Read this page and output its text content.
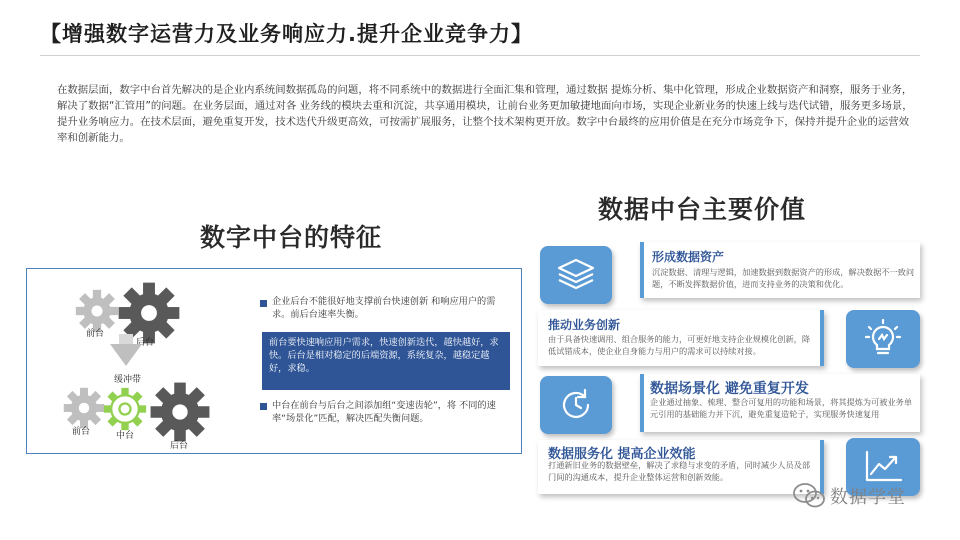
【增强数字运营力及业务响应力.提升企业竞争力】

在数据层面，数字中台首先解决的是企业内系统间数据孤岛的问题，将不同系统中的数据进行全面汇集和管理，通过数据 提炼分析、集中化管理，形成企业数据资产和洞察，服务于业务，解决了数据“汇管用”的问题。在业务层面，通过对各 业务线的模块去重和沉淀，共享通用模块，让前台业务更加敏捷地面向市场，实现企业新业务的快速上线与迭代试错，服务更多场景，提升业务响应力。在技术层面，避免重复开发，技术迭代升级更高效，可按需扩展服务，让整个技术架构更开放。数字中台最终的应用价值是在充分市场竞争下，保持并提升企业的运营效率和创新能力。

数字中台的特征
数据中台主要价值
前台
后台
缓冲带
前台	中台
后台
企业后台不能很好地支撑前台快速创新 和响应用户的需求。前后台速率失衡。
前台要快速响应用户需求，快速创新迭代，越快越好，求快。后台是相对稳定的后端资源，系统复杂，越稳定越好，求稳。
中台在前台与后台之间添加组“变速齿轮”，将 不同的速率“场景化”匹配，解决匹配失衡问题。
形成数据资产
沉淀数据、清理与逻辑，加速数据到数据资产的形成，解决数据不一致问题，不断发挥数据价值，进而支持业务的决策和优化。
推动业务创新
由于具备快速调用、组合服务的能力，可更好地支持企业规模化创新，降低试错成本，使企业自身能力与用户的需求可以持续对接。
数据场景化 避免重复开发
企业通过抽象、梳理、整合可复用的功能和场景，将其提炼为可被业务单元引用的基础能力并下沉，避免重复造轮子，实现服务快速复用
数据服务化 提高企业效能
打通新旧业务的数据壁垒，解决了求稳与求变的矛盾，同时减少人员及部门间的沟通成本，提升企业整体运营和创新效能。
数据学堂
